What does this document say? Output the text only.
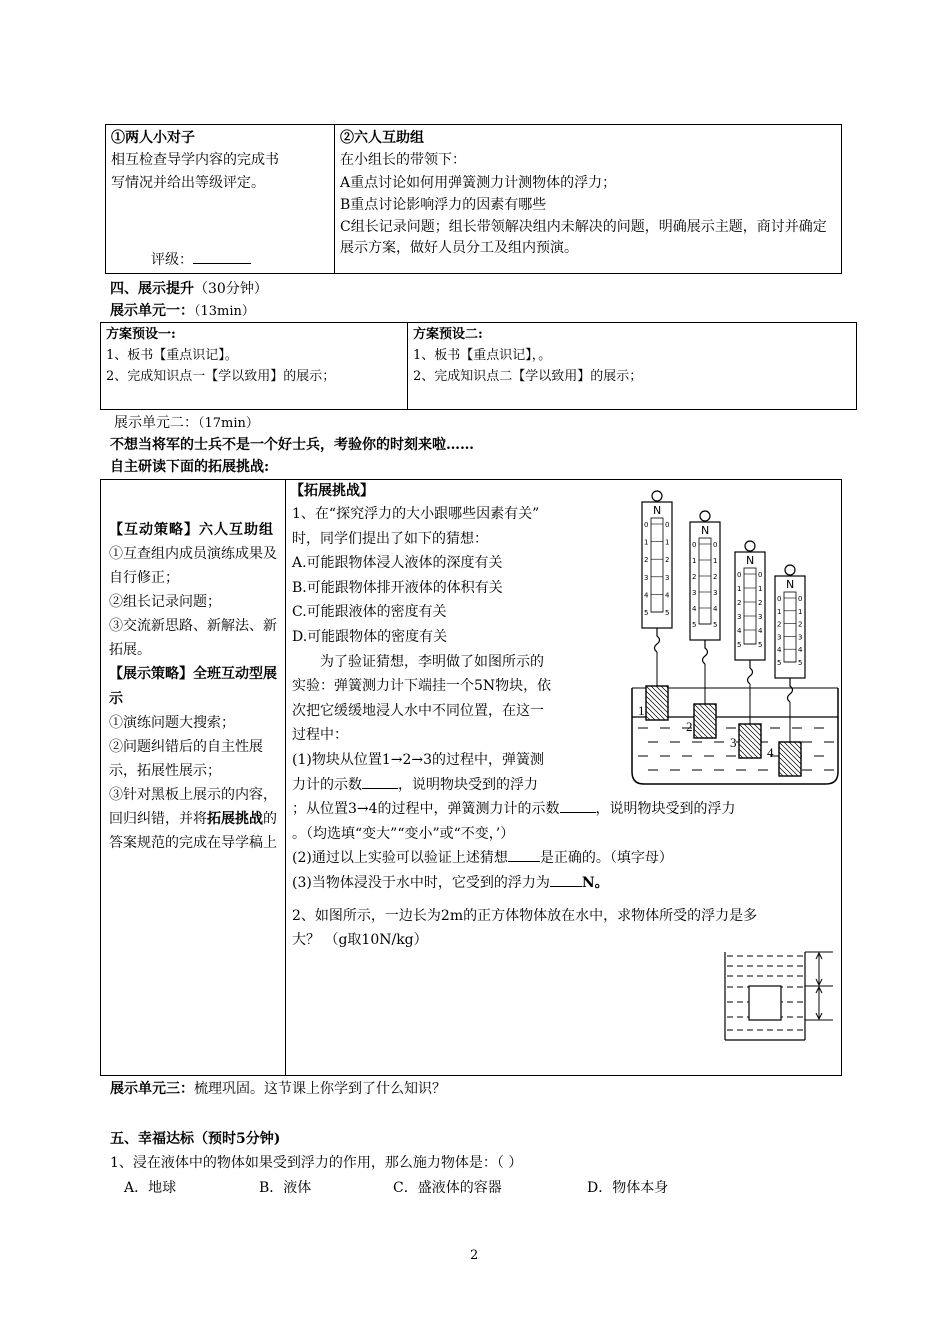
①两人小对子
相互检查导学内容的完成书
写情况并给出等级评定。
评级：

②六人互助组
在小组长的带领下：
A重点讨论如何用弹簧测力计测物体的浮力；
B重点讨论影响浮力的因素有哪些
C组长记录问题；组长带领解决组内未解决的问题，明确展示主题，商讨并确定展示方案，做好人员分工及组内预演。
四、展示提升（30分钟）
展示单元一：（13min）
方案预设一:
1、板书【重点识记】。
2、完成知识点一【学以致用】的展示；

方案预设二:
1、板书【重点识记】，。
2、完成知识点二【学以致用】的展示；
展示单元二：（17min）
不想当将军的士兵不是一个好士兵，考验你的时刻来啦……
自主研读下面的拓展挑战:
【互动策略】六人互助组
①互查组内成员演练成果及自行修正；
②组长记录问题；
③交流新思路、新解法、新拓展。
【展示策略】全班互动型展示
①演练问题大搜索；
②问题纠错后的自主性展示，拓展性展示；
③针对黑板上展示的内容，回归纠错，并将拓展挑战的答案规范的完成在导学稿上

【拓展挑战】
1、在“探究浮力的大小跟哪些因素有关”
时，同学们提出了如下的猜想：
A.可能跟物体浸人液体的深度有关
B.可能跟物体排开液体的体积有关
C.可能跟液体的密度有关
D.可能跟物体的密度有关
为了验证猜想，李明做了如图所示的
实验：弹簧测力计下端挂一个5N物块，依
次把它缓缓地浸人水中不同位置，在这一
过程中：
(1)物块从位置1→2→3的过程中，弹簧测
力计的示数	，说明物块受到的浮力
；从位置3→4的过程中，弹簧测力计的示数	，说明物块受到的浮力
。（均选填“变大”“变小”或“不变，’）
(2)通过以上实验可以验证上述猜想 是正确的。（填字母）
(3)当物体浸没于水中时，它受到的浮力为 N。
2、如图所示，一边长为2m的正方体物体放在水中，求物体所受的浮力是多
大？ （g取10N/kg）
N
0 0
1 1
2 2
3 3
4 4
5 5
N
0 0
1 1
2 2
3 3
4 4
5 5
N
0 0
1 1
2 2
3 3
4 4
5 5
N
0 0
1 1
2 2
3 3
4 4
5 5
1
2
3
4
展示单元三：梳理巩固。这节课上你学到了什么知识？
五、幸福达标（预时5分钟)
1、浸在液体中的物体如果受到浮力的作用，那么施力物体是：（ ）
A．地球	B．液体	C．盛液体的容器	D．物体本身
2
